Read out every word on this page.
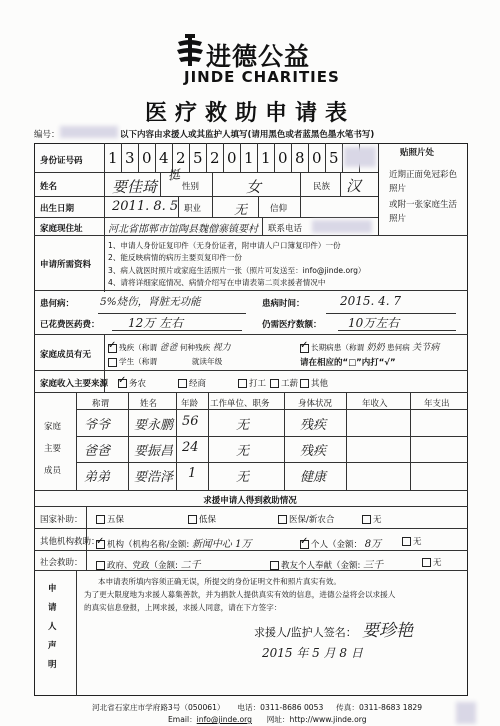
进德公益
JINDE CHARITIES
医疗救助申请表
编号：	以下内容由求援人或其监护人填写(请用黑色或者蓝黑色墨水笔书写)
贴照片处
近期正面免冠彩色
照片
或附一张家庭生活
照片
身份证号码 1 3 0 4 2 5 2 0 1 1 0 8 0 5
挺
姓名	要佳琦	性别	女	民族 汉
出生日期	2011. 8. 5 职业	无	信仰
家庭现住址	河北省邯郸市馆陶县魏僧寨镇要村 联系电话
申请所需资料
1、申请人身份证复印件（无身份证者，附申请人户口簿复印件）一份
2、能反映病情的病历主要页复印件一份
3、病人就医时照片或家庭生活照片一张（照片可发送至：info@jinde.org）
4、请将详细家庭情况、病情介绍写在申请表第二页求援者情况中
患何病： 5%烧伤，肾脏无功能	患病时间：	2015. 4. 7
已花费医药费： 12万 左右	仍需医疗数额： 10万左右
家庭成员有无
✓残疾（称谓 爸爸 何种残疾 视力 ✓	长期病患（称谓 奶奶 患何病 关节病
学生（称谓	就读年级	请在相应的“□”内打“√”
家庭收入主要来源 ✓	务农	经商	打工	工薪	其他
家庭
主要
成员
称谓	姓名	年龄 工作单位、职务	身体状况	年收入	年支出
爷爷 要永鹏 56	无	残疾
爸爸 要振昌 24	无	残疾
弟弟 要浩泽 1	无	健康
求援申请人得到救助情况
国家补助：	五保	低保	医保/新农合	无
其他机构救助： ✓ 机构（机构名称/金额: 新闻中心 1万 ✓	个人（金额： 8万	无
社会救助：	政府、党政（金额: 二千	教友个人奉献（金额: 三千	无
申请人声明
本申请表所填内容须正确无误，所提交的身份证明文件和照片真实有效。
为了更大限度地为求援人募集善款，并为捐款人提供真实有效的信息，进德公益将会以求援人
的真实信息登报，上网求援，求援人同意，请在下方签字：
求援人/监护人签名： 要珍艳
2015 年 5 月 8 日
河北省石家庄市学府路3号（050061） 电话：0311-8686 0053 传真：0311-8683 1829
Email：info@jinde.org 网址：http://www.jinde.org
